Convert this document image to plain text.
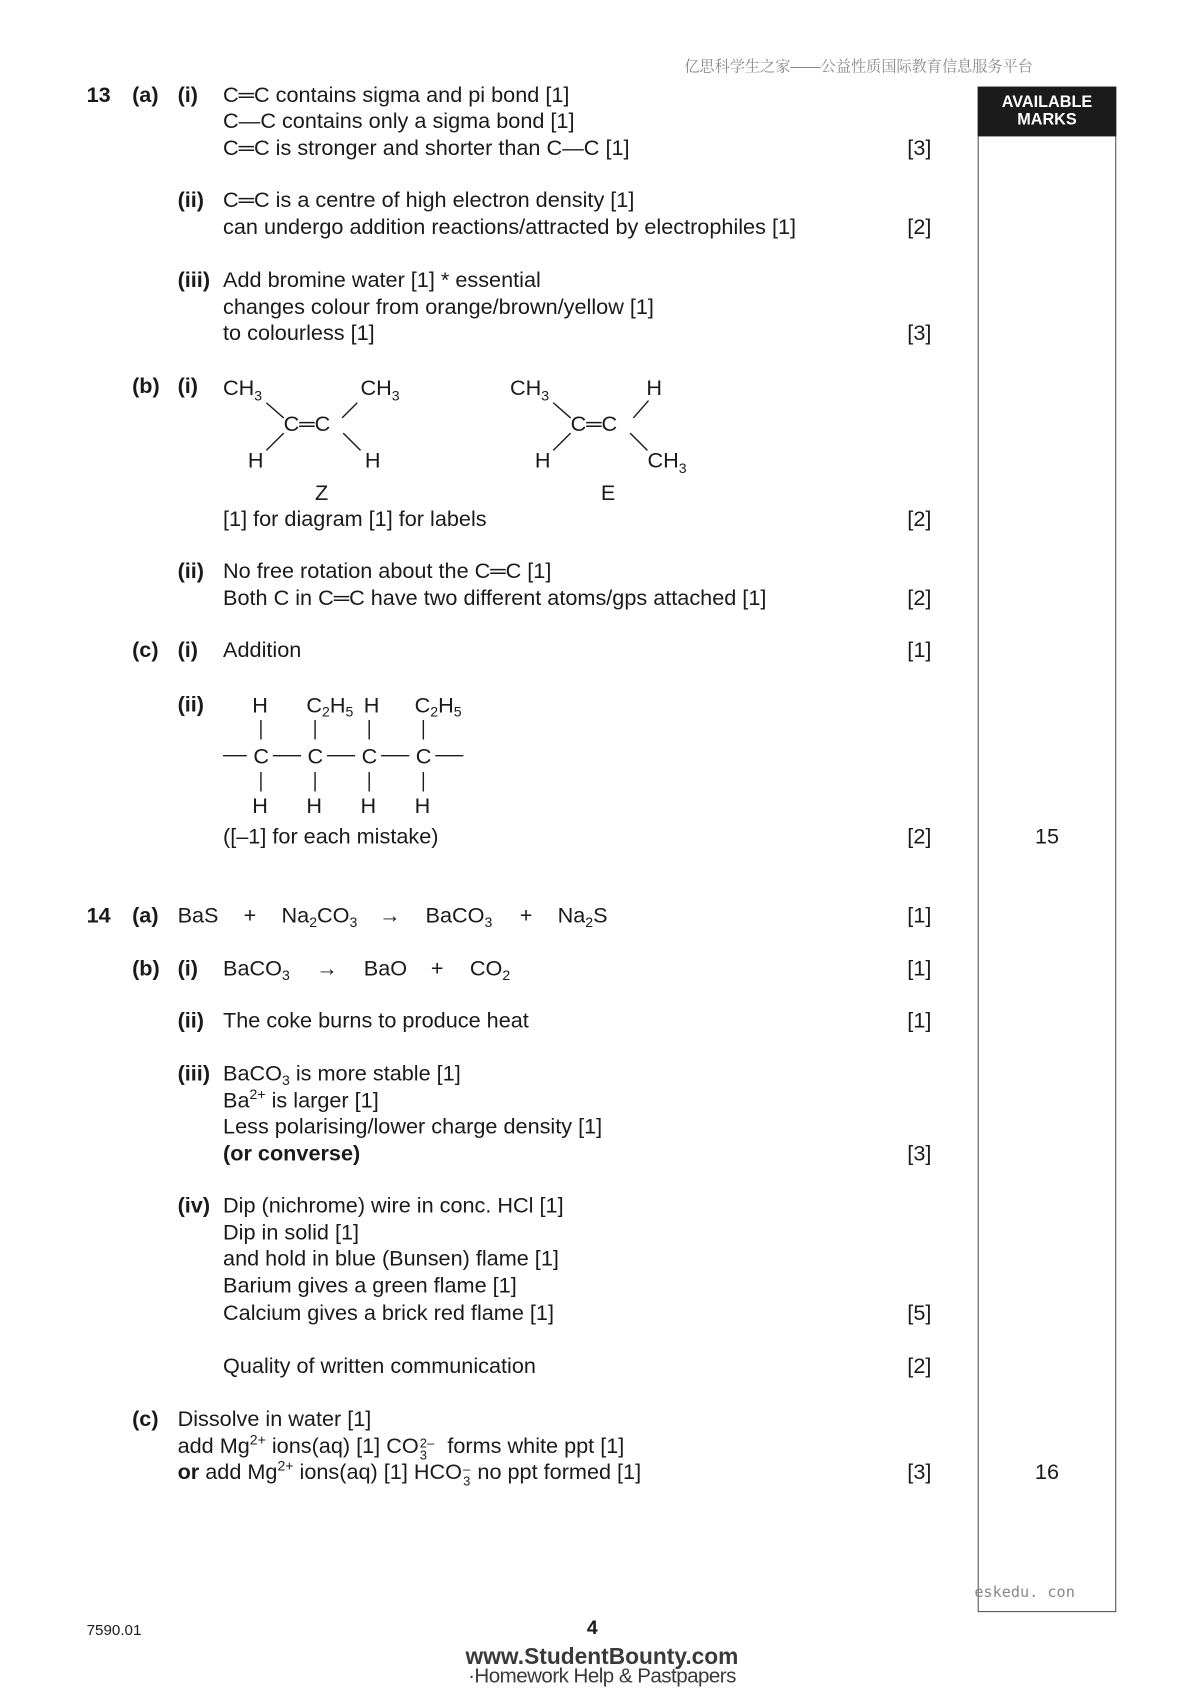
亿思科学生之家——公益性质国际教育信息服务平台
AVAILABLE
MARKS
15
16
13 (a) (i) C═C contains sigma and pi bond [1]
C—C contains only a sigma bond [1]
C═C is stronger and shorter than C—C [1]	[3]
(ii) C═C is a centre of high electron density [1]
can undergo addition reactions/attracted by electrophiles [1]	[2]
(iii) Add bromine water [1] * essential
changes colour from orange/brown/yellow [1]
to colourless [1]	[3]
(b) (i) $CH_3$	$CH_3$
C═C
H	H
Z
$CH_3$	H
C═C
H	$CH_3$
E
[1] for diagram [1] for labels	[2]
(ii) No free rotation about the C═C [1]
Both C in C═C have two different atoms/gps attached [1]	[2]
(c) (i) Addition	[1]
(ii) H $C_2H_5$ H $C_2H_5$
C C C C
H H H H
([–1] for each mistake)	[2]
14 (a) BaS + $Na_2CO_3$ → BaCO$_3$ + $Na_2S$	[1]
(b) (i) BaCO$_3$ → BaO + $CO_2$	[1]
(ii) The coke burns to produce heat	[1]
(iii) BaCO$_3$ is more stable [1]
$Ba^{2+}$ is larger [1]
Less polarising/lower charge density [1]
(or converse)	[3]
(iv) Dip (nichrome) wire in conc. HCl [1]
Dip in solid [1]
and hold in blue (Bunsen) flame [1]
Barium gives a green flame [1]
Calcium gives a brick red flame [1]	[5]
Quality of written communication	[2]
(c) Dissolve in water [1]
add $Mg^{2+}$ ions(aq) [1] CO 2–
3 forms white ppt [1]
or add $Mg^{2+}$ ions(aq) [1] HCO –
3 no ppt formed [1]	[3]
eskedu. con
7590.01	4
www.StudentBounty.com
·Homework Help & Pastpapers
